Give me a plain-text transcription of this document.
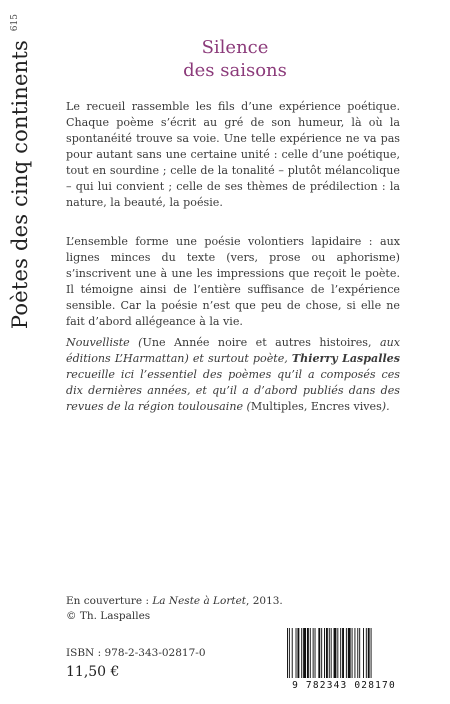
615
Poètes des cinq continents	Silence
des saisons

Le recueil rassemble les fils d’une expérience poétique. Chaque poème s’écrit au gré de son humeur, là où la spontanéité trouve sa voie. Une telle expérience ne va pas pour autant sans une certaine unité : celle d’une poétique, tout en sourdine ; celle de la tonalité – plutôt mélancolique – qui lui convient ; celle de ses thèmes de prédilection : la nature, la beauté, la poésie.

L’ensemble forme une poésie volontiers lapidaire : aux lignes minces du texte (vers, prose ou aphorisme) s’inscrivent une à une les impressions que reçoit le poète. Il témoigne ainsi de l’entière suffisance de l’expérience sensible. Car la poésie n’est que peu de chose, si elle ne fait d’abord allégeance à la vie.

Nouvelliste (Une Année noire et autres histoires, aux éditions L’Harmattan) et surtout poète, Thierry Laspalles recueille ici l’essentiel des poèmes qu’il a composés ces dix dernières années, et qu’il a d’abord publiés dans des revues de la région toulousaine (Multiples, Encres vives).

En couverture : La Neste à Lortet, 2013.
© Th. Laspalles
ISBN : 978-2-343-02817-0
11,50 €
9 782343 028170
